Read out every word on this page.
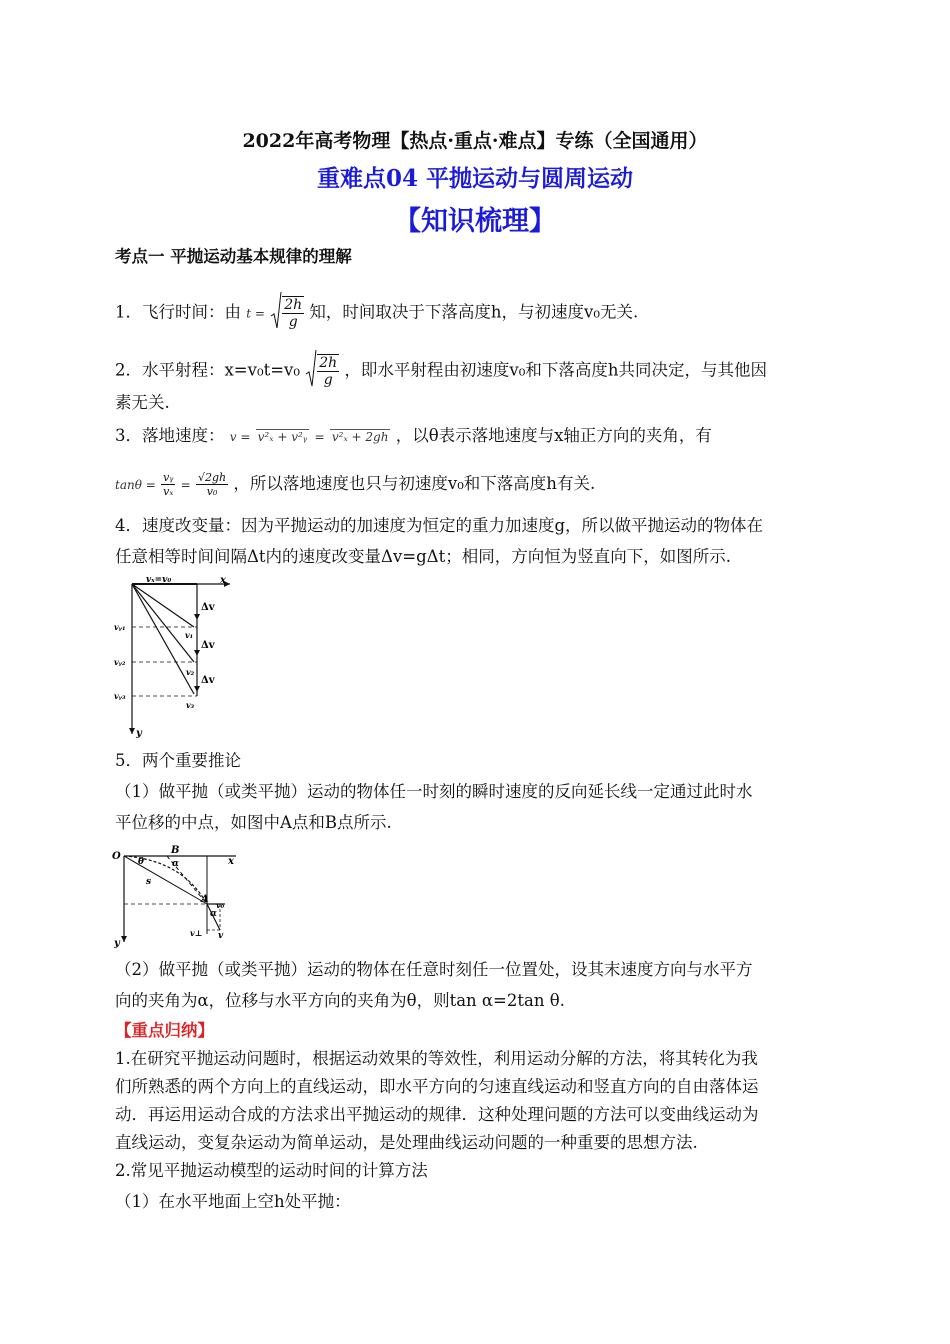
2022年高考物理【热点·重点·难点】专练（全国通用）
重难点04 平抛运动与圆周运动
【知识梳理】
考点一 平抛运动基本规律的理解
1．飞行时间：由 $t = \frac{2h}{g}$ 知，时间取决于下落高度h，与初速度v₀无关.
2．水平射程：$x=v_0t=v_0 \frac{2h}{g}$ ，即水平射程由初速度v₀和下落高度h共同决定，与其他因
素无关.
3．落地速度： v = v²ₓ + v²ᵧ = v²ₓ + 2gh ，以θ表示落地速度与x轴正方向的夹角，有
$\tan\theta = \frac{\text{vᵧ}}{\text{vₓ}} = \frac{√2gh}{\text{v₀}}$ ，所以落地速度也只与初速度v₀和下落高度h有关.
4．速度改变量：因为平抛运动的加速度为恒定的重力加速度g，所以做平抛运动的物体在
任意相等时间间隔Δt内的速度改变量Δv=gΔt；相同，方向恒为竖直向下，如图所示.
vₓ=v₀	x
y
Δv
Δv
Δv
vᵧ₁
vᵧ₂
vᵧ₃
v₁
v₂
v₃
5．两个重要推论
（1）做平抛（或类平抛）运动的物体任一时刻的瞬时速度的反向延长线一定通过此时水
平位移的中点，如图中A点和B点所示.
O	x
y
B
A
θ	α
α
s
v₀
v⊥ v
（2）做平抛（或类平抛）运动的物体在任意时刻任一位置处，设其末速度方向与水平方
向的夹角为α，位移与水平方向的夹角为θ，则tan α=2tan θ.
【重点归纳】
1.在研究平抛运动问题时，根据运动效果的等效性，利用运动分解的方法，将其转化为我
们所熟悉的两个方向上的直线运动，即水平方向的匀速直线运动和竖直方向的自由落体运
动．再运用运动合成的方法求出平抛运动的规律．这种处理问题的方法可以变曲线运动为
直线运动，变复杂运动为简单运动，是处理曲线运动问题的一种重要的思想方法.
2.常见平抛运动模型的运动时间的计算方法
（1）在水平地面上空h处平抛：
